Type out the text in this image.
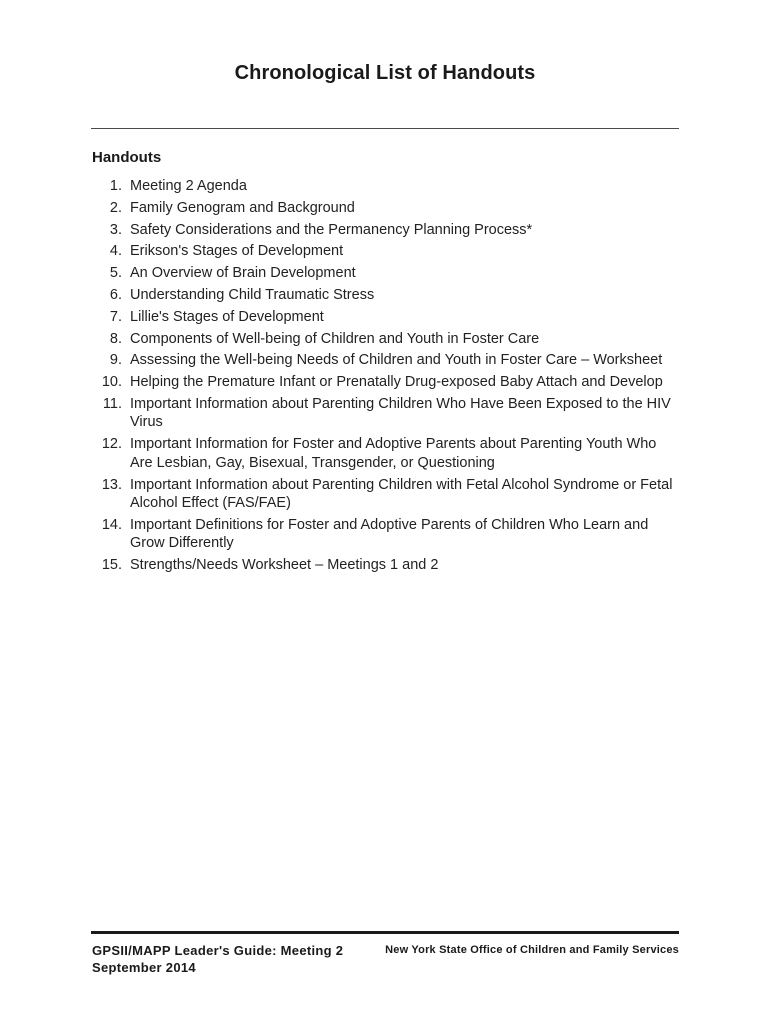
Chronological List of Handouts
Handouts
1. Meeting 2 Agenda
2. Family Genogram and Background
3. Safety Considerations and the Permanency Planning Process*
4. Erikson's Stages of Development
5. An Overview of Brain Development
6. Understanding Child Traumatic Stress
7. Lillie's Stages of Development
8. Components of Well-being of Children and Youth in Foster Care
9. Assessing the Well-being Needs of Children and Youth in Foster Care – Worksheet
10. Helping the Premature Infant or Prenatally Drug-exposed Baby Attach and Develop
11. Important Information about Parenting Children Who Have Been Exposed to the HIV Virus
12. Important Information for Foster and Adoptive Parents about Parenting Youth Who Are Lesbian, Gay, Bisexual, Transgender, or Questioning
13. Important Information about Parenting Children with Fetal Alcohol Syndrome or Fetal Alcohol Effect (FAS/FAE)
14. Important Definitions for Foster and Adoptive Parents of Children Who Learn and Grow Differently
15. Strengths/Needs Worksheet – Meetings 1 and 2
GPSII/MAPP Leader's Guide: Meeting 2
September 2014
New York State Office of Children and Family Services
